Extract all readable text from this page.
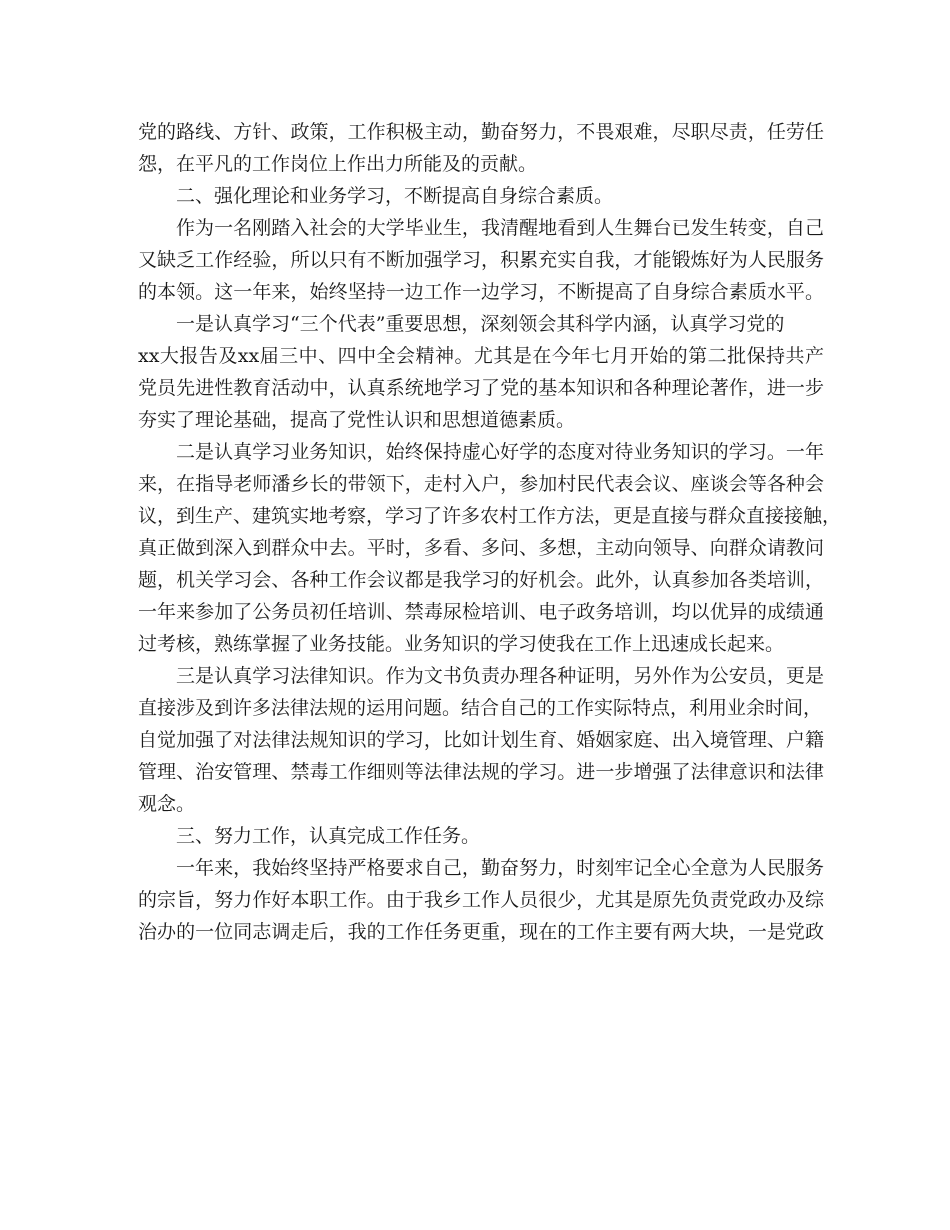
党的路线、方针、政策，工作积极主动，勤奋努力，不畏艰难，尽职尽责，任劳任
怨，在平凡的工作岗位上作出力所能及的贡献。
二、强化理论和业务学习，不断提高自身综合素质。
作为一名刚踏入社会的大学毕业生，我清醒地看到人生舞台已发生转变，自己
又缺乏工作经验，所以只有不断加强学习，积累充实自我，才能锻炼好为人民服务
的本领。这一年来，始终坚持一边工作一边学习，不断提高了自身综合素质水平。
一是认真学习“三个代表”重要思想，深刻领会其科学内涵，认真学习党的
xx大报告及xx届三中、四中全会精神。尤其是在今年七月开始的第二批保持共产
党员先进性教育活动中，认真系统地学习了党的基本知识和各种理论著作，进一步
夯实了理论基础，提高了党性认识和思想道德素质。
二是认真学习业务知识，始终保持虚心好学的态度对待业务知识的学习。一年
来，在指导老师潘乡长的带领下，走村入户，参加村民代表会议、座谈会等各种会
议，到生产、建筑实地考察，学习了许多农村工作方法，更是直接与群众直接接触，
真正做到深入到群众中去。平时，多看、多问、多想，主动向领导、向群众请教问
题，机关学习会、各种工作会议都是我学习的好机会。此外，认真参加各类培训，
一年来参加了公务员初任培训、禁毒尿检培训、电子政务培训，均以优异的成绩通
过考核，熟练掌握了业务技能。业务知识的学习使我在工作上迅速成长起来。
三是认真学习法律知识。作为文书负责办理各种证明，另外作为公安员，更是
直接涉及到许多法律法规的运用问题。结合自己的工作实际特点，利用业余时间，
自觉加强了对法律法规知识的学习，比如计划生育、婚姻家庭、出入境管理、户籍
管理、治安管理、禁毒工作细则等法律法规的学习。进一步增强了法律意识和法律
观念。
三、努力工作，认真完成工作任务。
一年来，我始终坚持严格要求自己，勤奋努力，时刻牢记全心全意为人民服务
的宗旨，努力作好本职工作。由于我乡工作人员很少，尤其是原先负责党政办及综
治办的一位同志调走后，我的工作任务更重，现在的工作主要有两大块，一是党政
